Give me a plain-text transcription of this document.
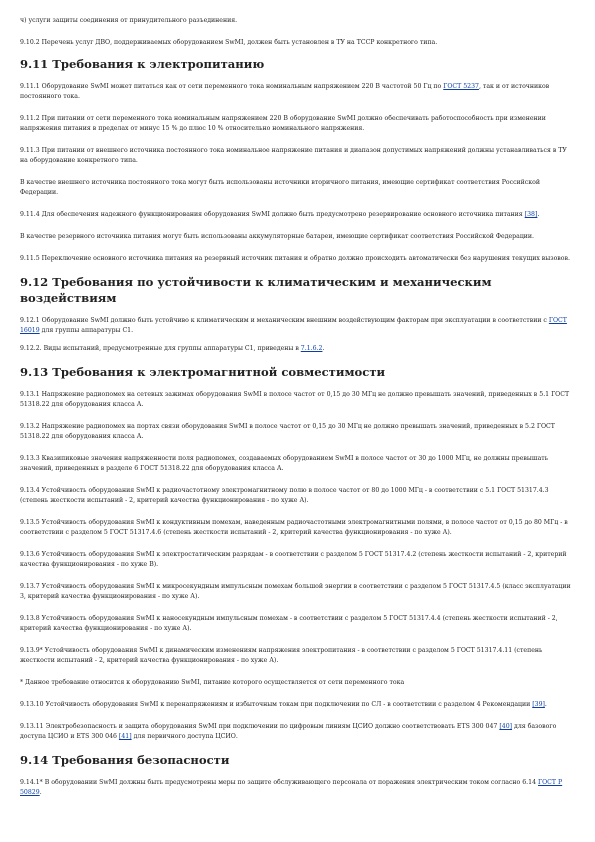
ч) услуги защиты соединения от принудительного разъединения.

9.10.2 Перечень услуг ДВО, поддерживаемых оборудованием SwMI, должен быть установлен в ТУ на ТССР конкретного типа.

9.11 Требования к электропитанию

9.11.1 Оборудование SwMI может питаться как от сети переменного тока номинальным напряжением 220 В частотой 50 Гц по ГОСТ 5237, так и от источников постоянного тока.

9.11.2 При питании от сети переменного тока номинальным напряжением 220 В оборудование SwMI должно обеспечивать работоспособность при изменении напряжения питания в пределах от минус 15 % до плюс 10 % относительно номинального напряжения.

9.11.3 При питании от внешнего источника постоянного тока номинальное напряжение питания и диапазон допустимых напряжений должны устанавливаться в ТУ на оборудование конкретного типа.

В качестве внешнего источника постоянного тока могут быть использованы источники вторичного питания, имеющие сертификат соответствия Российской Федерации.

9.11.4 Для обеспечения надежного функционирования оборудования SwMI должно быть предусмотрено резервирование основного источника питания [38].

В качестве резервного источника питания могут быть использованы аккумуляторные батареи, имеющие сертификат соответствия Российской Федерации.

9.11.5 Переключение основного источника питания на резервный источник питания и обратно должно происходить автоматически без нарушения текущих вызовов.

9.12 Требования по устойчивости к климатическим и механическим воздействиям

9.12.1 Оборудование SwMI должно быть устойчиво к климатическим и механическим внешним воздействующим факторам при эксплуатации в соответствии с ГОСТ 16019 для группы аппаратуры С1.

9.12.2. Виды испытаний, предусмотренные для группы аппаратуры С1, приведены в 7.1.6.2.

9.13 Требования к электромагнитной совместимости

9.13.1 Напряжение радиопомех на сетевых зажимах оборудования SwMI в полосе частот от 0,15 до 30 МГц не должно превышать значений, приведенных в 5.1 ГОСТ 51318.22 для оборудования класса А.

9.13.2 Напряжение радиопомех на портах связи оборудования SwMI в полосе частот от 0,15 до 30 МГц не должно превышать значений, приведенных в 5.2 ГОСТ 51318.22 для оборудования класса А.

9.13.3 Квазипиковые значения напряженности поля радиопомех, создаваемых оборудованием SwMI в полосе частот от 30 до 1000 МГц, не должны превышать значений, приведенных в разделе 6 ГОСТ 51318.22 для оборудования класса А.

9.13.4 Устойчивость оборудования SwMI к радиочастотному электромагнитному полю в полосе частот от 80 до 1000 МГц - в соответствии с 5.1 ГОСТ 51317.4.3 (степень жесткости испытаний - 2, критерий качества функционирования - по хуже А).

9.13.5 Устойчивость оборудования SwMI к кондуктивным помехам, наведенным радиочастотными электромагнитными полями, в полосе частот от 0,15 до 80 МГц - в соответствии с разделом 5 ГОСТ 51317.4.6 (степень жесткости испытаний - 2, критерий качества функционирования - по хуже А).

9.13.6 Устойчивость оборудования SwMI к электростатическим разрядам - в соответствии с разделом 5 ГОСТ 51317.4.2 (степень жесткости испытаний - 2, критерий качества функционирования - по хуже В).

9.13.7 Устойчивость оборудования SwMI к микросекундным импульсным помехам большой энергии в соответствии с разделом 5 ГОСТ 51317.4.5 (класс эксплуатации 3, критерий качества функционирования - по хуже А).

9.13.8 Устойчивость оборудования SwMI к наносекундным импульсным помехам - в соответствии с разделом 5 ГОСТ 51317.4.4 (степень жесткости испытаний - 2, критерий качества функционирования - по хуже А).

9.13.9* Устойчивость оборудования SwMI к динамическим изменениям напряжения электропитания - в соответствии с разделом 5 ГОСТ 51317.4.11 (степень жесткости испытаний - 2, критерий качества функционирования - по хуже А).

* Данное требование относится к оборудованию SwMI, питание которого осуществляется от сети переменного тока

9.13.10 Устойчивость оборудования SwMI к перенапряжениям и избыточным токам при подключении по СЛ - в соответствии с разделом 4 Рекомендации [39].

9.13.11 Электробезопасность и защита оборудования SwMI при подключении по цифровым линиям ЦСИО должно соответствовать ETS 300 047 [40] для базового доступа ЦСИО и ETS 300 046 [41] для первичного доступа ЦСИО.

9.14 Требования безопасности

9.14.1* В оборудовании SwMI должны быть предусмотрены меры по защите обслуживающего персонала от поражения электрическим током согласно 6.14 ГОСТ Р 50829.
